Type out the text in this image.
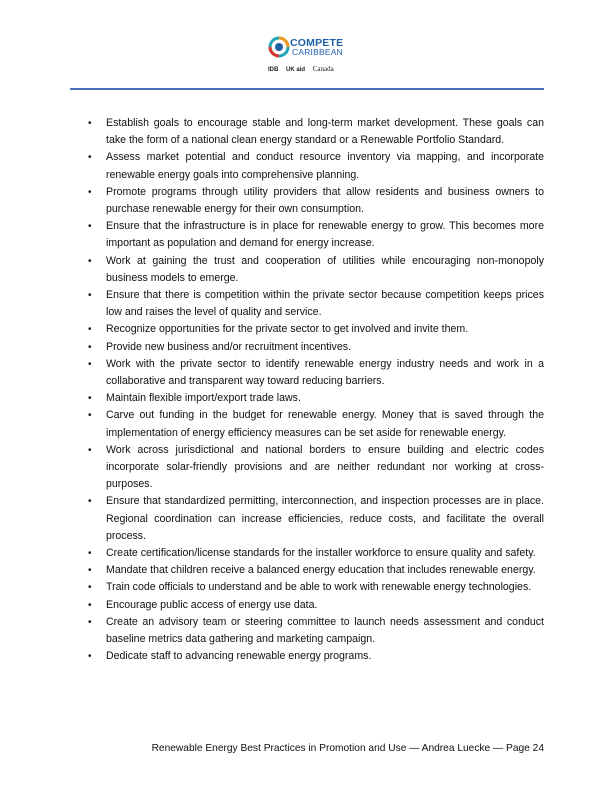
COMPETE
CARIBBEAN
IDB UK aid Canada
• Establish goals to encourage stable and long-term market development. These goals can take the form of a national clean energy standard or a Renewable Portfolio Standard.
• Assess market potential and conduct resource inventory via mapping, and incorporate renewable energy goals into comprehensive planning.
• Promote programs through utility providers that allow residents and business owners to purchase renewable energy for their own consumption.
• Ensure that the infrastructure is in place for renewable energy to grow. This becomes more important as population and demand for energy increase.
• Work at gaining the trust and cooperation of utilities while encouraging non-monopoly business models to emerge.
• Ensure that there is competition within the private sector because competition keeps prices low and raises the level of quality and service.
• Recognize opportunities for the private sector to get involved and invite them.
• Provide new business and/or recruitment incentives.
• Work with the private sector to identify renewable energy industry needs and work in a collaborative and transparent way toward reducing barriers.
• Maintain flexible import/export trade laws.
• Carve out funding in the budget for renewable energy. Money that is saved through the implementation of energy efficiency measures can be set aside for renewable energy.
• Work across jurisdictional and national borders to ensure building and electric codes incorporate solar-friendly provisions and are neither redundant nor working at cross-purposes.
• Ensure that standardized permitting, interconnection, and inspection processes are in place. Regional coordination can increase efficiencies, reduce costs, and facilitate the overall process.
• Create certification/license standards for the installer workforce to ensure quality and safety.
• Mandate that children receive a balanced energy education that includes renewable energy.
• Train code officials to understand and be able to work with renewable energy technologies.
• Encourage public access of energy use data.
• Create an advisory team or steering committee to launch needs assessment and conduct baseline metrics data gathering and marketing campaign.
• Dedicate staff to advancing renewable energy programs.
Renewable Energy Best Practices in Promotion and Use — Andrea Luecke — Page 24
